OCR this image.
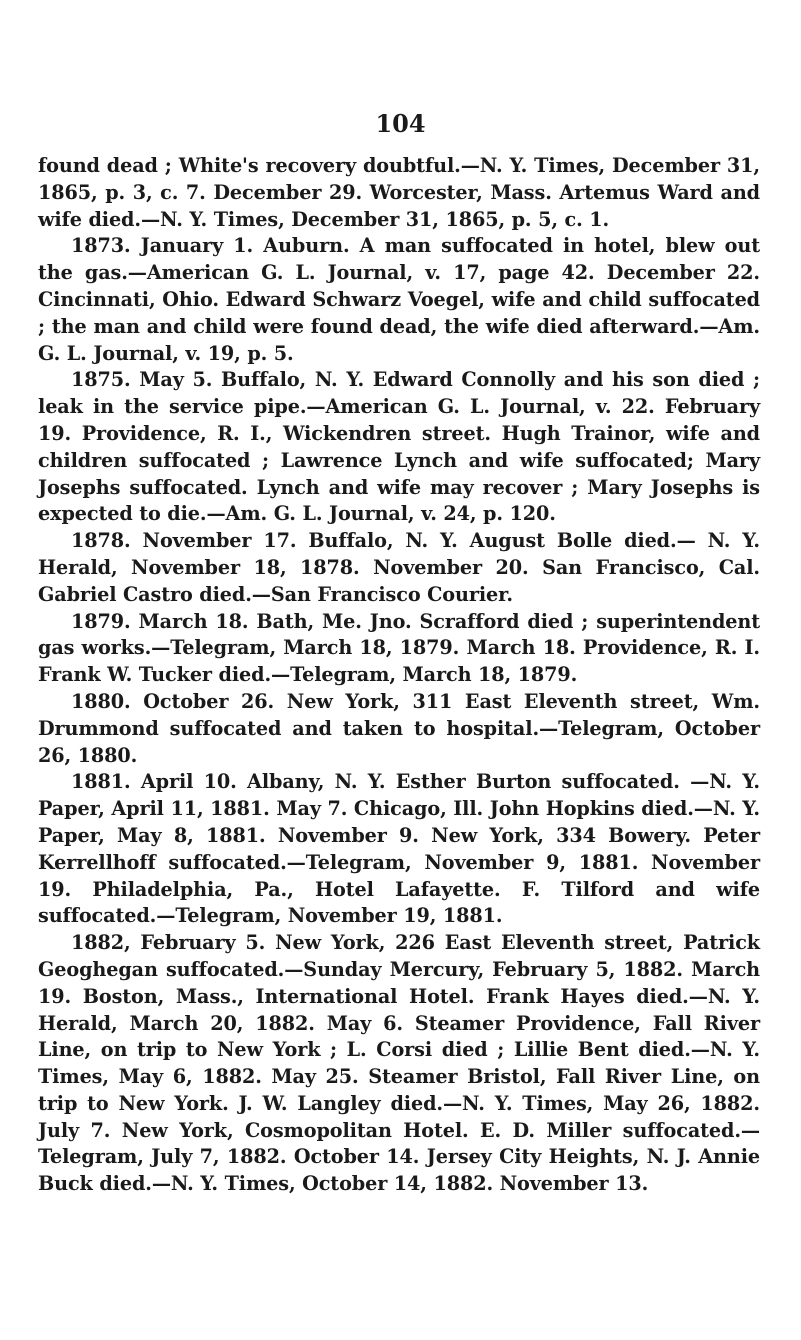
104

found dead ; White's recovery doubtful.—N. Y. Times, December 31, 1865, p. 3, c. 7. December 29. Worcester, Mass. Artemus Ward and wife died.—N. Y. Times, December 31, 1865, p. 5, c. 1.

1873. January 1. Auburn. A man suffocated in hotel, blew out the gas.—American G. L. Journal, v. 17, page 42. December 22. Cincinnati, Ohio. Edward Schwarz Voegel, wife and child suffocated ; the man and child were found dead, the wife died afterward.—Am. G. L. Journal, v. 19, p. 5.

1875. May 5. Buffalo, N. Y. Edward Connolly and his son died ; leak in the service pipe.—American G. L. Journal, v. 22. February 19. Providence, R. I., Wickendren street. Hugh Trainor, wife and children suffocated ; Lawrence Lynch and wife suffocated; Mary Josephs suffocated. Lynch and wife may recover ; Mary Josephs is expected to die.—Am. G. L. Journal, v. 24, p. 120.

1878. November 17. Buffalo, N. Y. August Bolle died.— N. Y. Herald, November 18, 1878. November 20. San Francisco, Cal. Gabriel Castro died.—San Francisco Courier.

1879. March 18. Bath, Me. Jno. Scrafford died ; superintendent gas works.—Telegram, March 18, 1879. March 18. Providence, R. I. Frank W. Tucker died.—Telegram, March 18, 1879.

1880. October 26. New York, 311 East Eleventh street, Wm. Drummond suffocated and taken to hospital.—Telegram, October 26, 1880.

1881. April 10. Albany, N. Y. Esther Burton suffocated. —N. Y. Paper, April 11, 1881. May 7. Chicago, Ill. John Hopkins died.—N. Y. Paper, May 8, 1881. November 9. New York, 334 Bowery. Peter Kerrellhoff suffocated.—Telegram, November 9, 1881. November 19. Philadelphia, Pa., Hotel Lafayette. F. Tilford and wife suffocated.—Telegram, November 19, 1881.

1882, February 5. New York, 226 East Eleventh street, Patrick Geoghegan suffocated.—Sunday Mercury, February 5, 1882. March 19. Boston, Mass., International Hotel. Frank Hayes died.—N. Y. Herald, March 20, 1882. May 6. Steamer Providence, Fall River Line, on trip to New York ; L. Corsi died ; Lillie Bent died.—N. Y. Times, May 6, 1882. May 25. Steamer Bristol, Fall River Line, on trip to New York. J. W. Langley died.—N. Y. Times, May 26, 1882. July 7. New York, Cosmopolitan Hotel. E. D. Miller suffocated.—Telegram, July 7, 1882. October 14. Jersey City Heights, N. J. Annie Buck died.—N. Y. Times, October 14, 1882. November 13.
